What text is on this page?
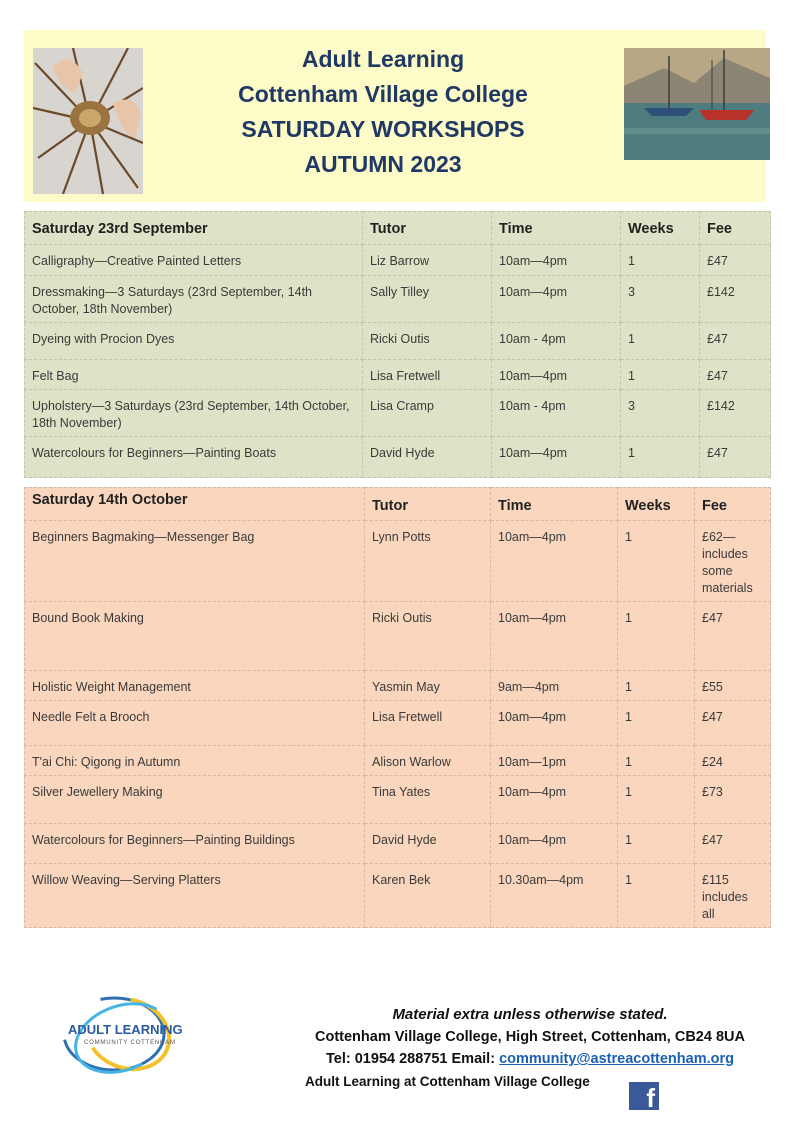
Adult Learning
Cottenham Village College
SATURDAY WORKSHOPS
AUTUMN 2023
Saturday 23rd September	Tutor	Time	Weeks	Fee
Calligraphy—Creative Painted Letters	Liz Barrow	10am—4pm	1	£47
Dressmaking—3 Saturdays (23rd September, 14th October, 18th November)	Sally Tilley	10am—4pm	3	£142
Dyeing with Procion Dyes	Ricki Outis	10am - 4pm	1	£47
Felt Bag	Lisa Fretwell	10am—4pm	1	£47
Upholstery—3 Saturdays (23rd September, 14th October, 18th November)	Lisa Cramp	10am - 4pm	3	£142
Watercolours for Beginners—Painting Boats	David Hyde	10am—4pm	1	£47
Saturday 14th October	Tutor	Time	Weeks	Fee
Beginners Bagmaking—Messenger Bag	Lynn Potts	10am—4pm	1	£62—includes some materials
Bound Book Making	Ricki Outis	10am—4pm	1	£47
Holistic Weight Management	Yasmin May	9am—4pm	1	£55
Needle Felt a Brooch	Lisa Fretwell	10am—4pm	1	£47
T'ai Chi: Qigong in Autumn	Alison Warlow	10am—1pm	1	£24
Silver Jewellery Making	Tina Yates	10am—4pm	1	£73
Watercolours for Beginners—Painting Buildings	David Hyde	10am—4pm	1	£47
Willow Weaving—Serving Platters	Karen Bek	10.30am—4pm	1	£115 includes all
ADULT LEARNING
COMMUNITY COTTENHAM
Material extra unless otherwise stated.
Cottenham Village College, High Street, Cottenham, CB24 8UA
Tel: 01954 288751 Email: community@astreacottenham.org
Adult Learning at Cottenham Village College
f
